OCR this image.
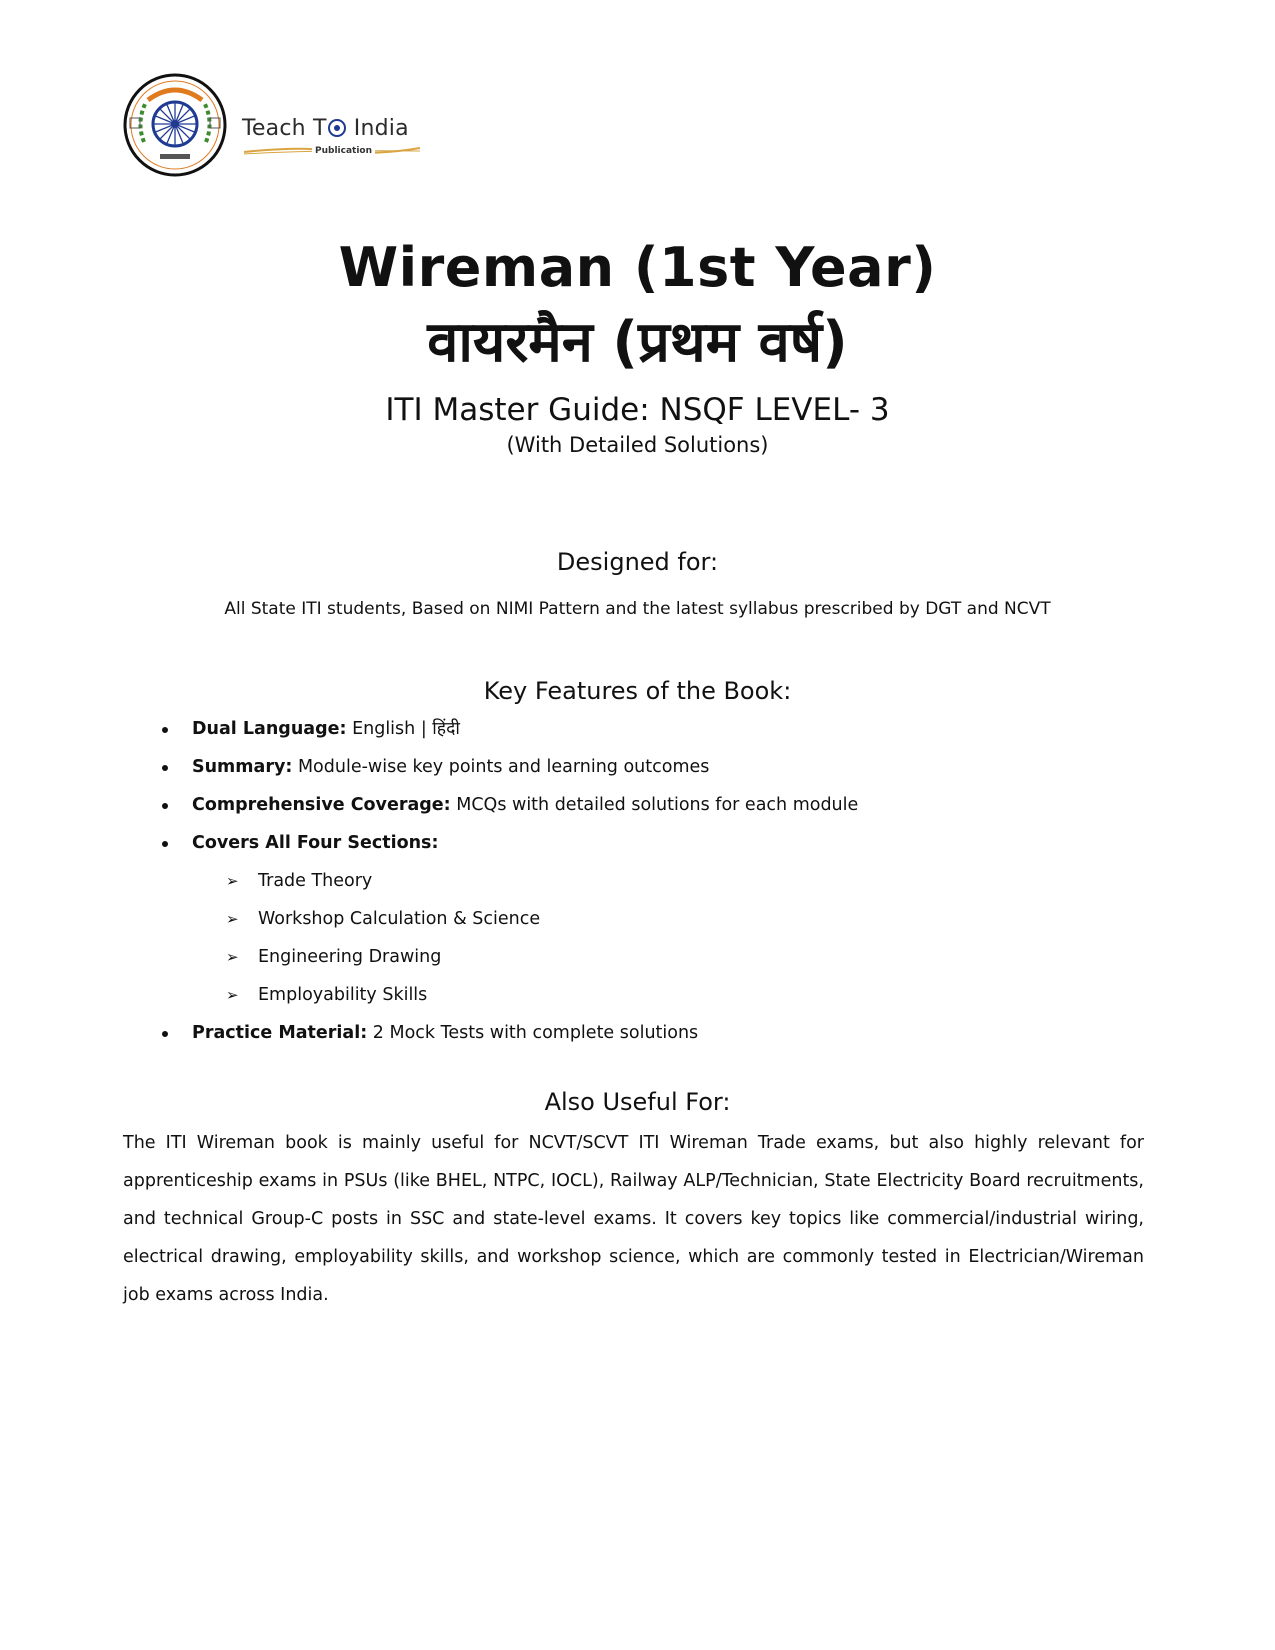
Teach T India
Publication
Wireman (1st Year)
वायरमैन (प्रथम वर्ष)
ITI Master Guide: NSQF LEVEL- 3
(With Detailed Solutions)
Designed for:
All State ITI students, Based on NIMI Pattern and the latest syllabus prescribed by DGT and NCVT
Key Features of the Book:
Dual Language: English | हिंदी
Summary: Module-wise key points and learning outcomes
Comprehensive Coverage: MCQs with detailed solutions for each module
Covers All Four Sections:
➢ Trade Theory
➢ Workshop Calculation & Science
➢ Engineering Drawing
➢ Employability Skills
Practice Material: 2 Mock Tests with complete solutions
Also Useful For:
The ITI Wireman book is mainly useful for NCVT/SCVT ITI Wireman Trade exams, but also highly relevant for apprenticeship exams in PSUs (like BHEL, NTPC, IOCL), Railway ALP/Technician, State Electricity Board recruitments, and technical Group-C posts in SSC and state-level exams. It covers key topics like commercial/industrial wiring, electrical drawing, employability skills, and workshop science, which are commonly tested in Electrician/Wireman job exams across India.
